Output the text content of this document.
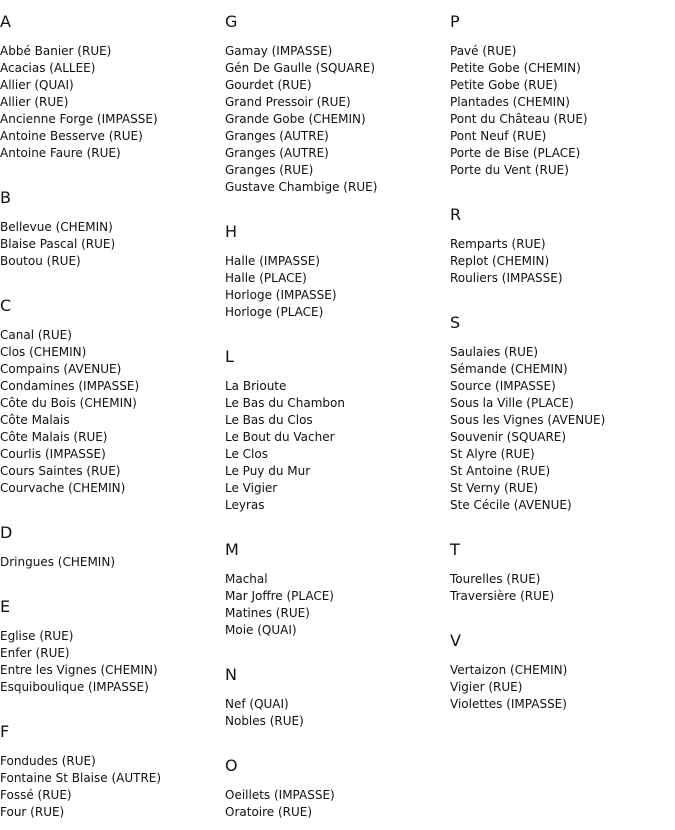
A
Abbé Banier (RUE)
Acacias (ALLEE)
Allier (QUAI)
Allier (RUE)
Ancienne Forge (IMPASSE)
Antoine Besserve (RUE)
Antoine Faure (RUE)
B
Bellevue (CHEMIN)
Blaise Pascal (RUE)
Boutou (RUE)
C
Canal (RUE)
Clos (CHEMIN)
Compains (AVENUE)
Condamines (IMPASSE)
Côte du Bois (CHEMIN)
Côte Malais
Côte Malais (RUE)
Courlis (IMPASSE)
Cours Saintes (RUE)
Courvache (CHEMIN)
D
Dringues (CHEMIN)
E
Eglise (RUE)
Enfer (RUE)
Entre les Vignes (CHEMIN)
Esquiboulique (IMPASSE)
F
Fondudes (RUE)
Fontaine St Blaise (AUTRE)
Fossé (RUE)
Four (RUE)
G
Gamay (IMPASSE)
Gén De Gaulle (SQUARE)
Gourdet (RUE)
Grand Pressoir (RUE)
Grande Gobe (CHEMIN)
Granges (AUTRE)
Granges (AUTRE)
Granges (RUE)
Gustave Chambige (RUE)
H
Halle (IMPASSE)
Halle (PLACE)
Horloge (IMPASSE)
Horloge (PLACE)
L
La Brioute
Le Bas du Chambon
Le Bas du Clos
Le Bout du Vacher
Le Clos
Le Puy du Mur
Le Vigier
Leyras
M
Machal
Mar Joffre (PLACE)
Matines (RUE)
Moie (QUAI)
N
Nef (QUAI)
Nobles (RUE)
O
Oeillets (IMPASSE)
Oratoire (RUE)
P
Pavé (RUE)
Petite Gobe (CHEMIN)
Petite Gobe (RUE)
Plantades (CHEMIN)
Pont du Château (RUE)
Pont Neuf (RUE)
Porte de Bise (PLACE)
Porte du Vent (RUE)
R
Remparts (RUE)
Replot (CHEMIN)
Rouliers (IMPASSE)
S
Saulaies (RUE)
Sémande (CHEMIN)
Source (IMPASSE)
Sous la Ville (PLACE)
Sous les Vignes (AVENUE)
Souvenir (SQUARE)
St Alyre (RUE)
St Antoine (RUE)
St Verny (RUE)
Ste Cécile (AVENUE)
T
Tourelles (RUE)
Traversière (RUE)
V
Vertaizon (CHEMIN)
Vigier (RUE)
Violettes (IMPASSE)
